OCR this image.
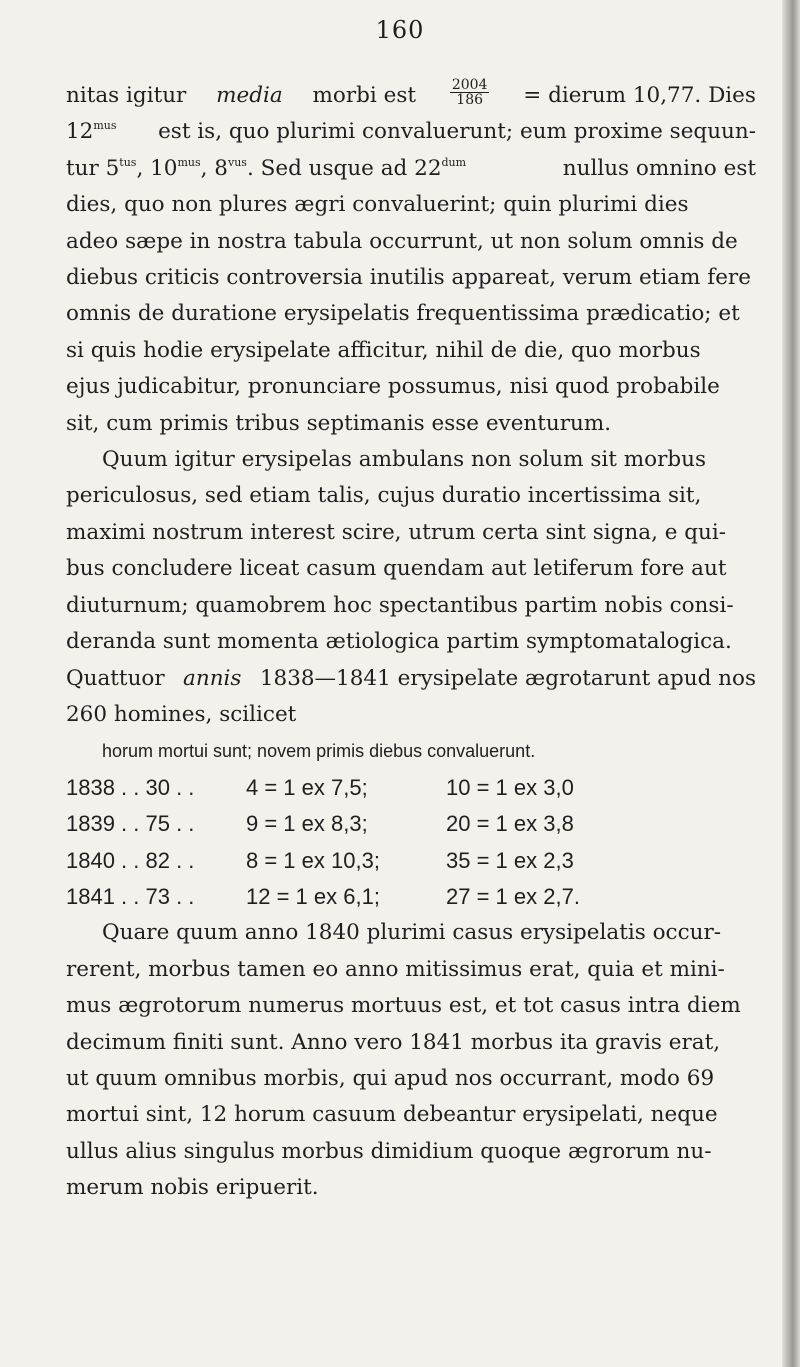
160
nitas igitur media morbi est $\frac{2004}{186}$ = dierum 10,77. Dies
$12^{mus}$ est is, quo plurimi convaluerunt; eum proxime sequun-
tur $5^{tus}$, $10^{mus}$, $8^{vus}$. Sed usque ad $22^{dum}$	nullus omnino est
dies, quo non plures ægri convaluerint; quin plurimi dies
adeo sæpe in nostra tabula occurrunt, ut non solum omnis de
diebus criticis controversia inutilis appareat, verum etiam fere
omnis de duratione erysipelatis frequentissima prædicatio; et
si quis hodie erysipelate afficitur, nihil de die, quo morbus
ejus judicabitur, pronunciare possumus, nisi quod probabile
sit, cum primis tribus septimanis esse eventurum.
Quum igitur erysipelas ambulans non solum sit morbus
periculosus, sed etiam talis, cujus duratio incertissima sit,
maximi nostrum interest scire, utrum certa sint signa, e qui-
bus concludere liceat casum quendam aut letiferum fore aut
diuturnum; quamobrem hoc spectantibus partim nobis consi-
deranda sunt momenta ætiologica partim symptomatalogica.
Quattuor annis 1838—1841 erysipelate ægrotarunt apud nos
260 homines, scilicet
horum mortui sunt; novem primis diebus convaluerunt.
1838 . . 30 . .	4 = 1 ex 7,5;	10 = 1 ex 3,0
1839 . . 75 . .	9 = 1 ex 8,3;	20 = 1 ex 3,8
1840 . . 82 . .	8 = 1 ex 10,3;	35 = 1 ex 2,3
1841 . . 73 . .	12 = 1 ex 6,1;	27 = 1 ex 2,7.
Quare quum anno 1840 plurimi casus erysipelatis occur-
rerent, morbus tamen eo anno mitissimus erat, quia et mini-
mus ægrotorum numerus mortuus est, et tot casus intra diem
decimum finiti sunt. Anno vero 1841 morbus ita gravis erat,
ut quum omnibus morbis, qui apud nos occurrant, modo 69
mortui sint, 12 horum casuum debeantur erysipelati, neque
ullus alius singulus morbus dimidium quoque ægrorum nu-
merum nobis eripuerit.
